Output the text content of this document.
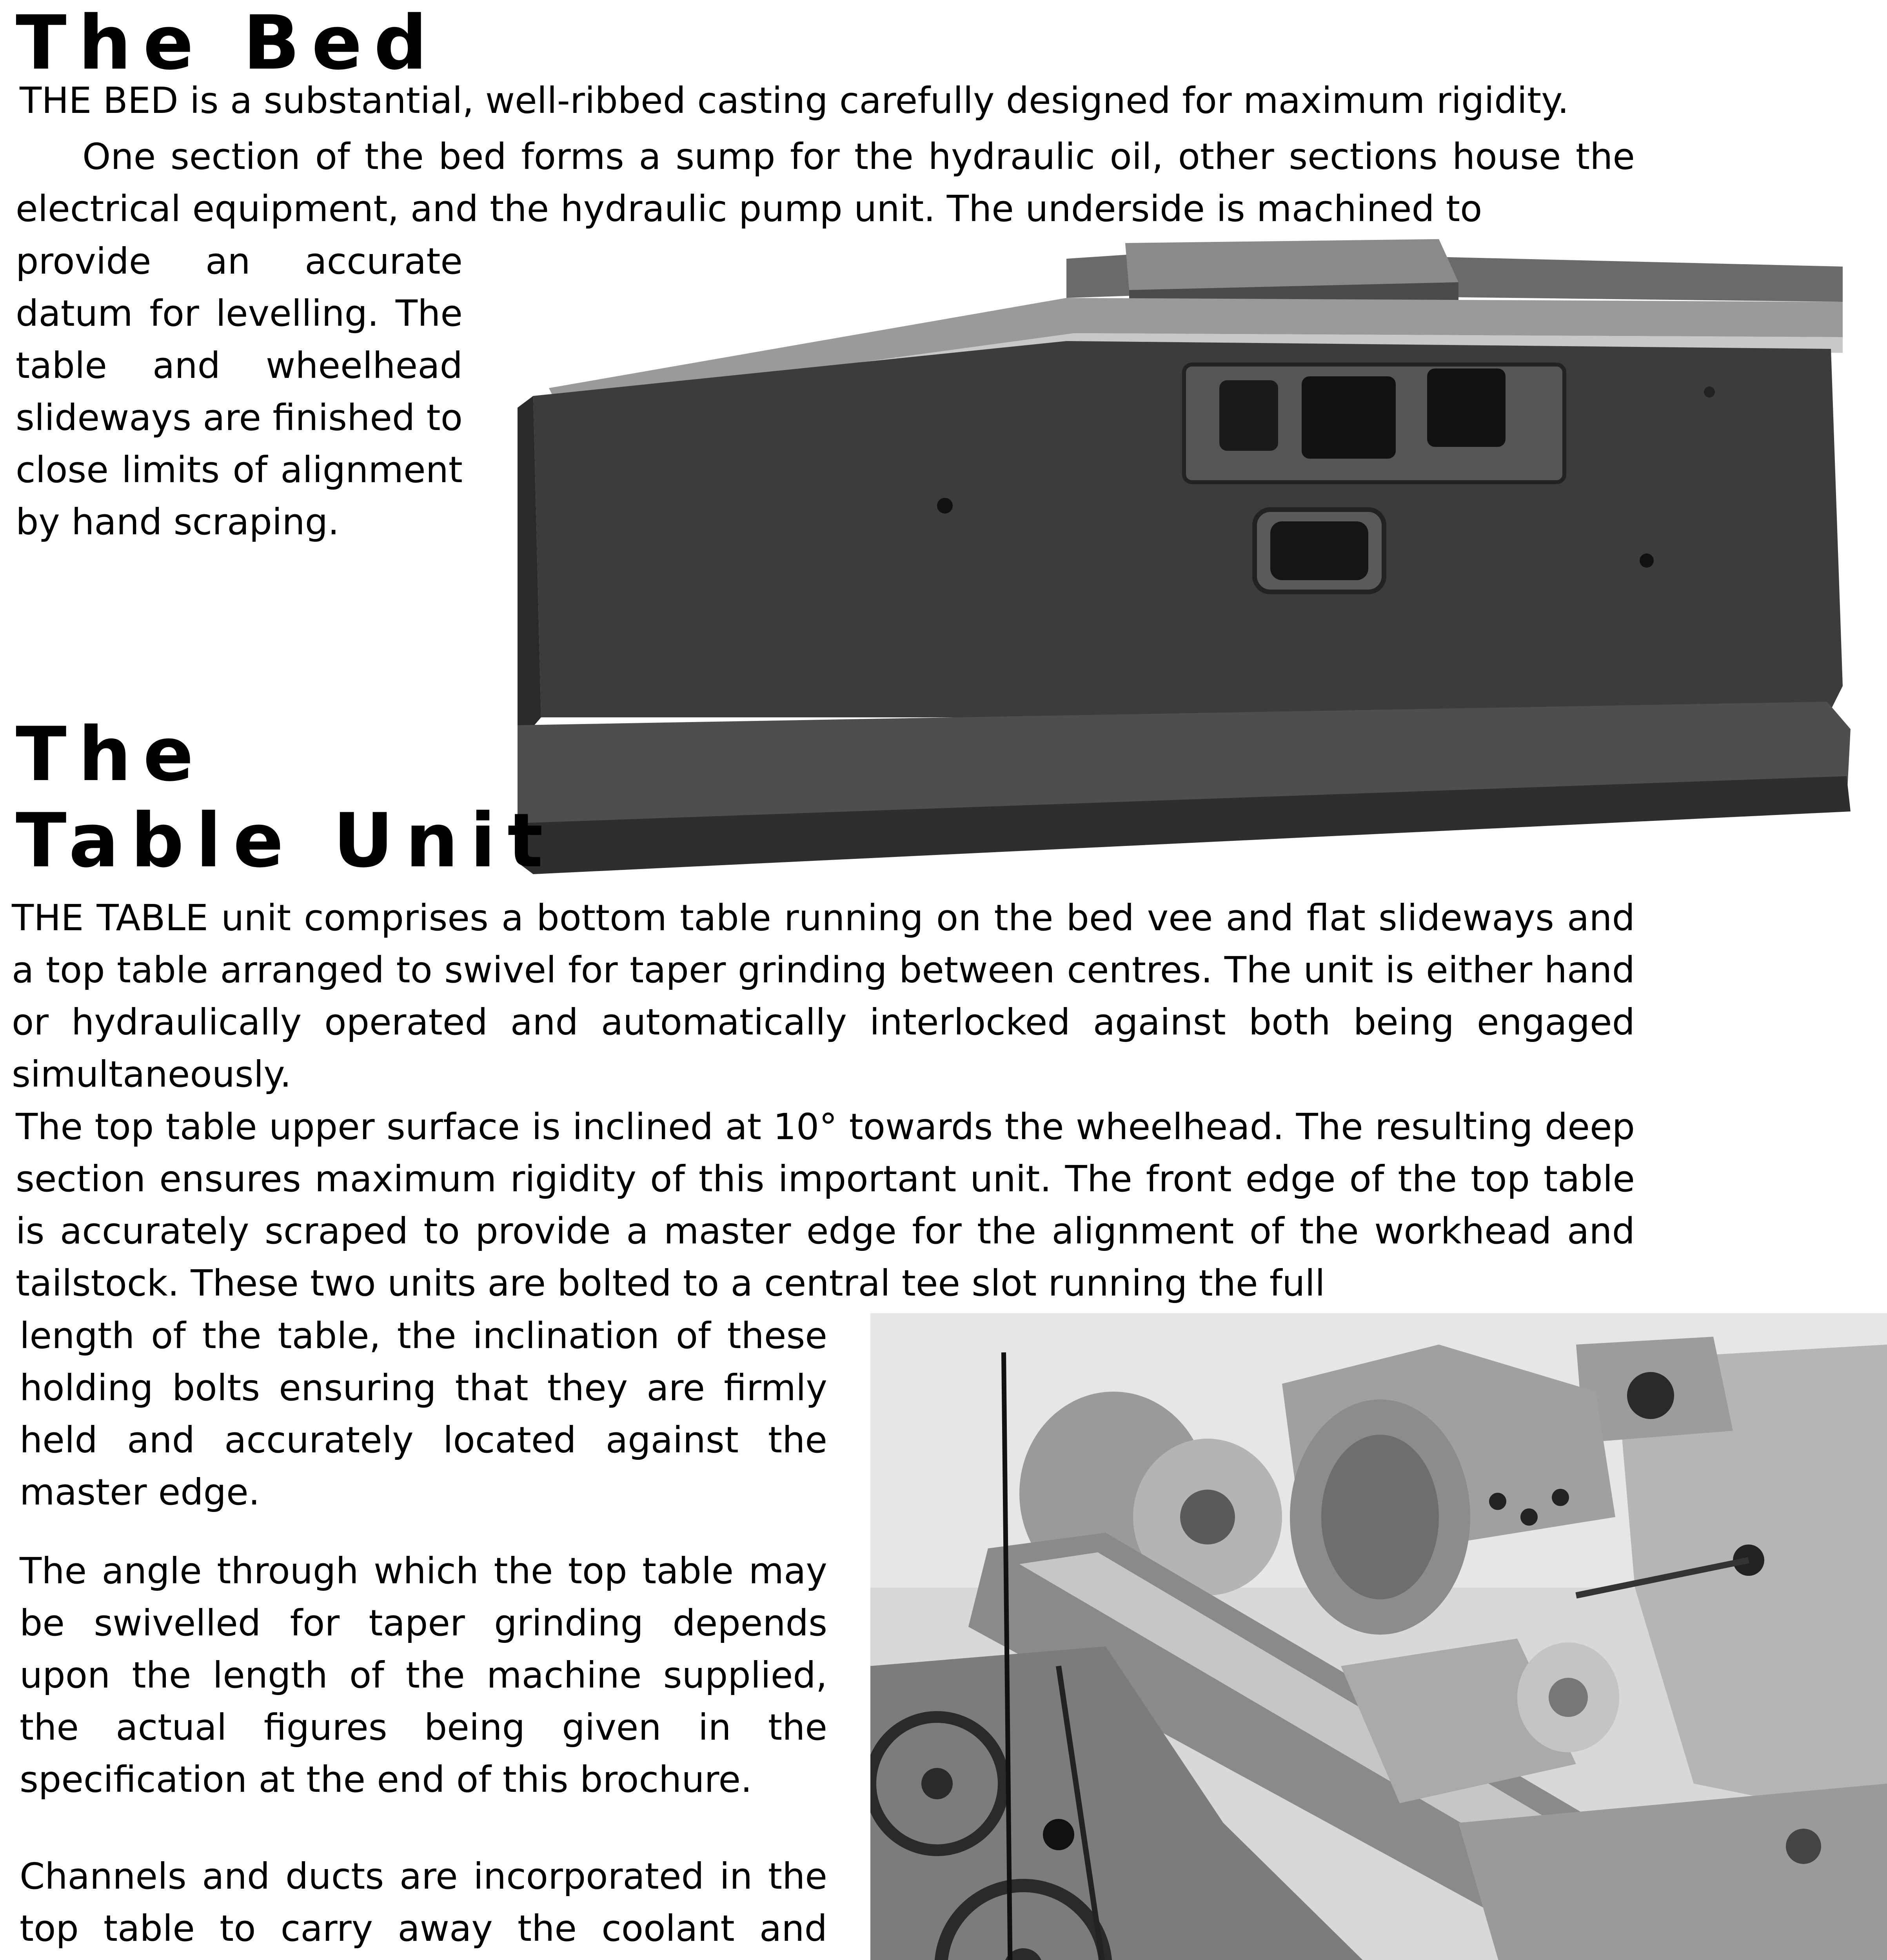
The Bed

THE BED is a substantial, well-ribbed casting carefully designed for maximum rigidity.

One section of the bed forms a sump for the hydraulic oil, other sections house the electrical equipment, and the hydraulic pump unit. The underside is machined to

provide an accurate datum for levelling. The table and wheelhead slideways are finished to close limits of alignment by hand scraping.

The
Table Unit

THE TABLE unit comprises a bottom table running on the bed vee and flat slideways and a top table arranged to swivel for taper grinding between centres. The unit is either hand or hydraulically operated and automatically interlocked against both being engaged simultaneously.

The top table upper surface is inclined at 10° towards the wheelhead. The resulting deep section ensures maximum rigidity of this important unit. The front edge of the top table is accurately scraped to provide a master edge for the alignment of the workhead and tailstock. These two units are bolted to a central tee slot running the full

length of the table, the inclination of these holding bolts ensuring that they are firmly held and accurately located against the master edge.

The angle through which the top table may be swivelled for taper grinding depends upon the length of the machine supplied, the actual figures being given in the specification at the end of this brochure.

Channels and ducts are incorporated in the top table to carry away the coolant and
